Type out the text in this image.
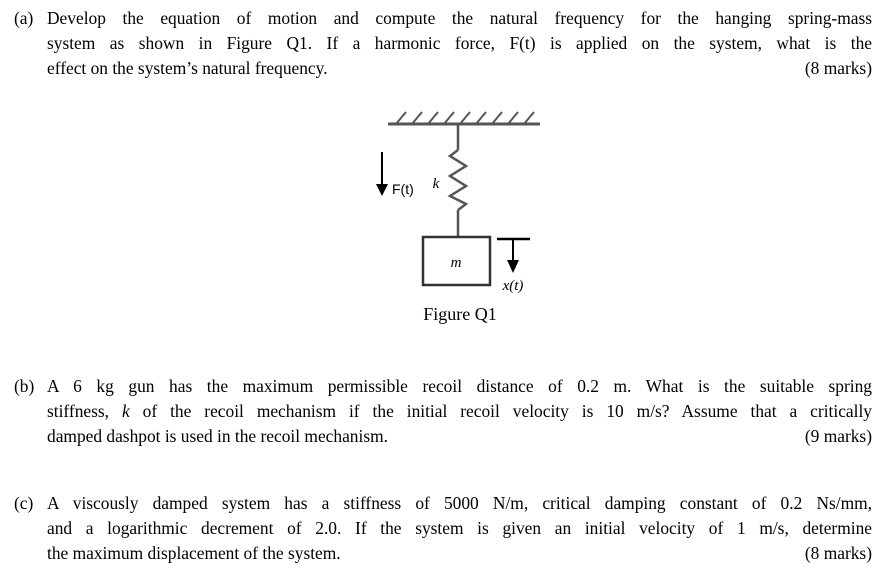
(a) Develop the equation of motion and compute the natural frequency for the hanging spring-mass

system as shown in Figure Q1. If a harmonic force, F(t) is applied on the system, what is the

effect on the system’s natural frequency.	(8 marks)

m
F(t) k
x(t)
Figure Q1
(b) A 6 kg gun has the maximum permissible recoil distance of 0.2 m. What is the suitable spring

stiffness, k of the recoil mechanism if the initial recoil velocity is 10 m/s? Assume that a critically

damped dashpot is used in the recoil mechanism.	(9 marks)

(c) A viscously damped system has a stiffness of 5000 N/m, critical damping constant of 0.2 Ns/mm,

and a logarithmic decrement of 2.0. If the system is given an initial velocity of 1 m/s, determine

the maximum displacement of the system.	(8 marks)
